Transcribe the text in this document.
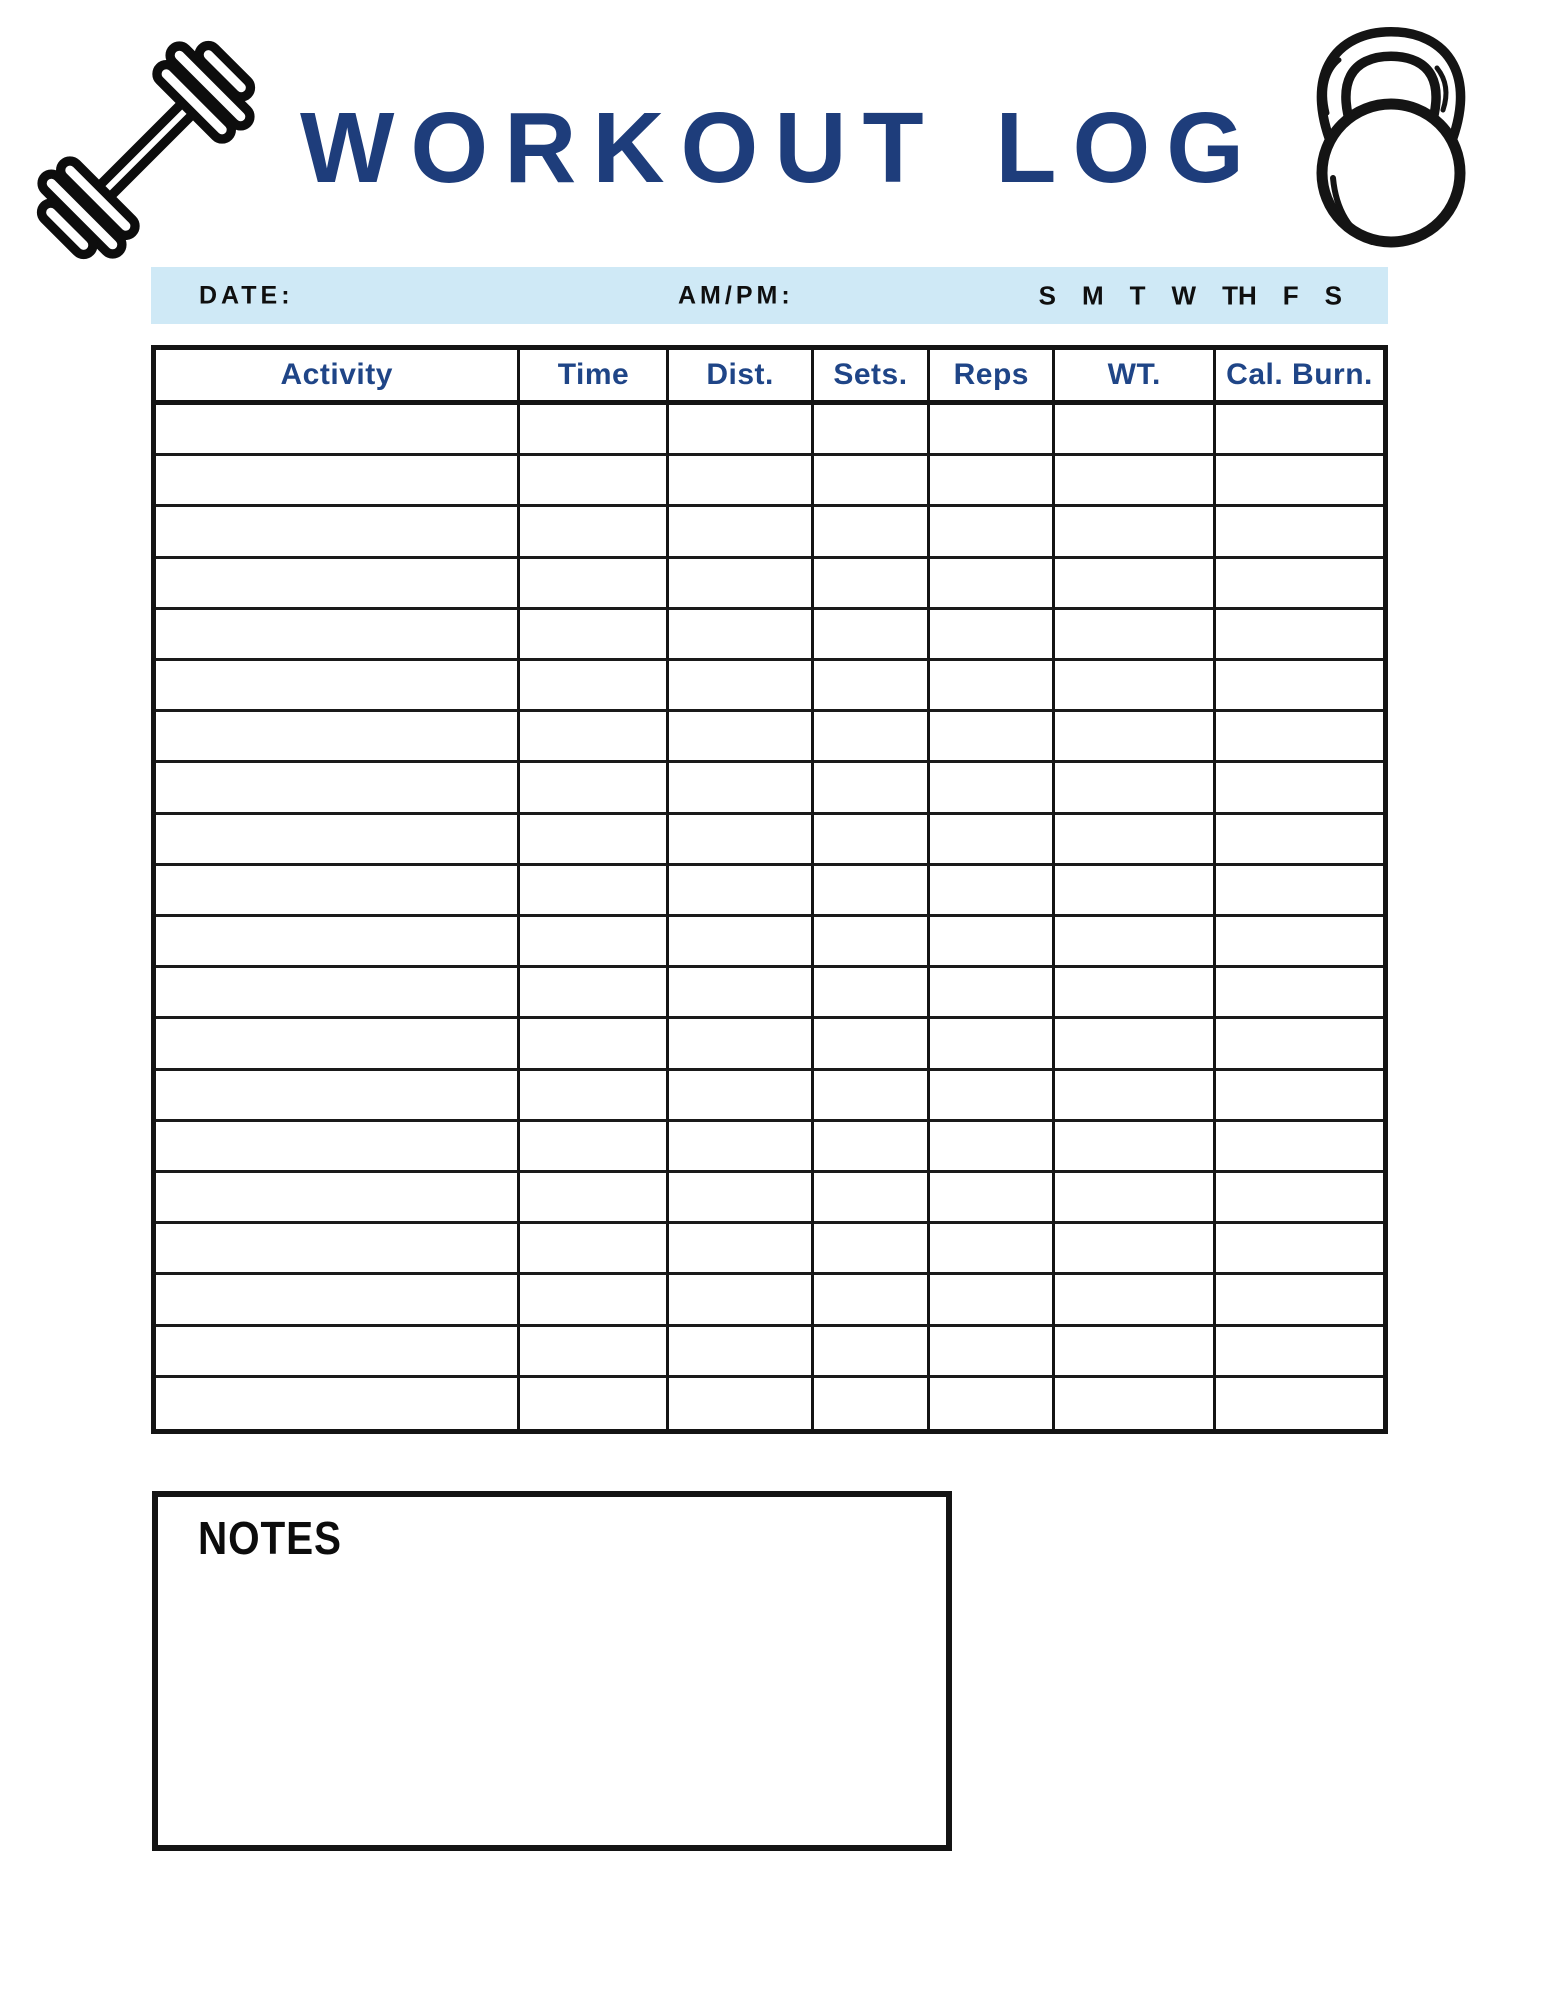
WORKOUT LOG
DATE:	AM/PM:	S M T W TH F S
Activity	Time	Dist.	Sets.	Reps	WT.	Cal. Burn.
NOTES
